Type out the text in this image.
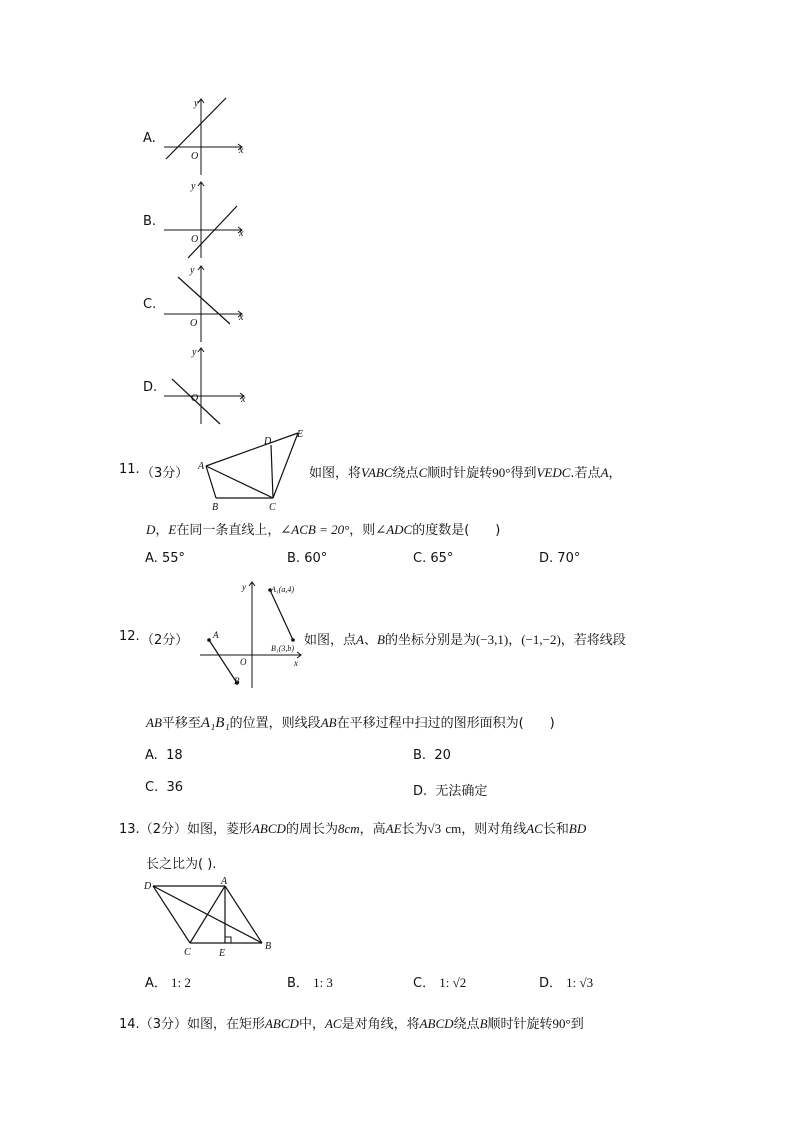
A.
y
x
O
B.
y
x
O
C.
y
x
O
D.
y
x
O
11. （3分） A
B	C
D
E
如图，将VABC绕点C顺时针旋转90°得到VEDC.若点A，
D，E在同一条直线上，∠ACB = 20°，则∠ADC的度数是(　　)
A. 55°	B. 60°	C. 65°	D. 70°
12. （2分）
y
x
O
A
B
A₁(a,4)
B₁(3,b)
如图，点A、B的坐标分别是为(−3,1)，(−1,−2)，若将线段
AB平移至A₁B₁的位置，则线段AB在平移过程中扫过的图形面积为(　　)
A. 18	B. 20
C. 36	D. 无法确定
13.（2分）如图，菱形ABCD的周长为8cm，高AE长为√3 cm，则对角线AC长和BD
长之比为( ).
D	A
C	E
B
A． 1: 2	B． 1: 3	C． 1: √2	D． 1: √3
14.（3分）如图，在矩形ABCD中，AC是对角线，将ABCD绕点B顺时针旋转90°到
